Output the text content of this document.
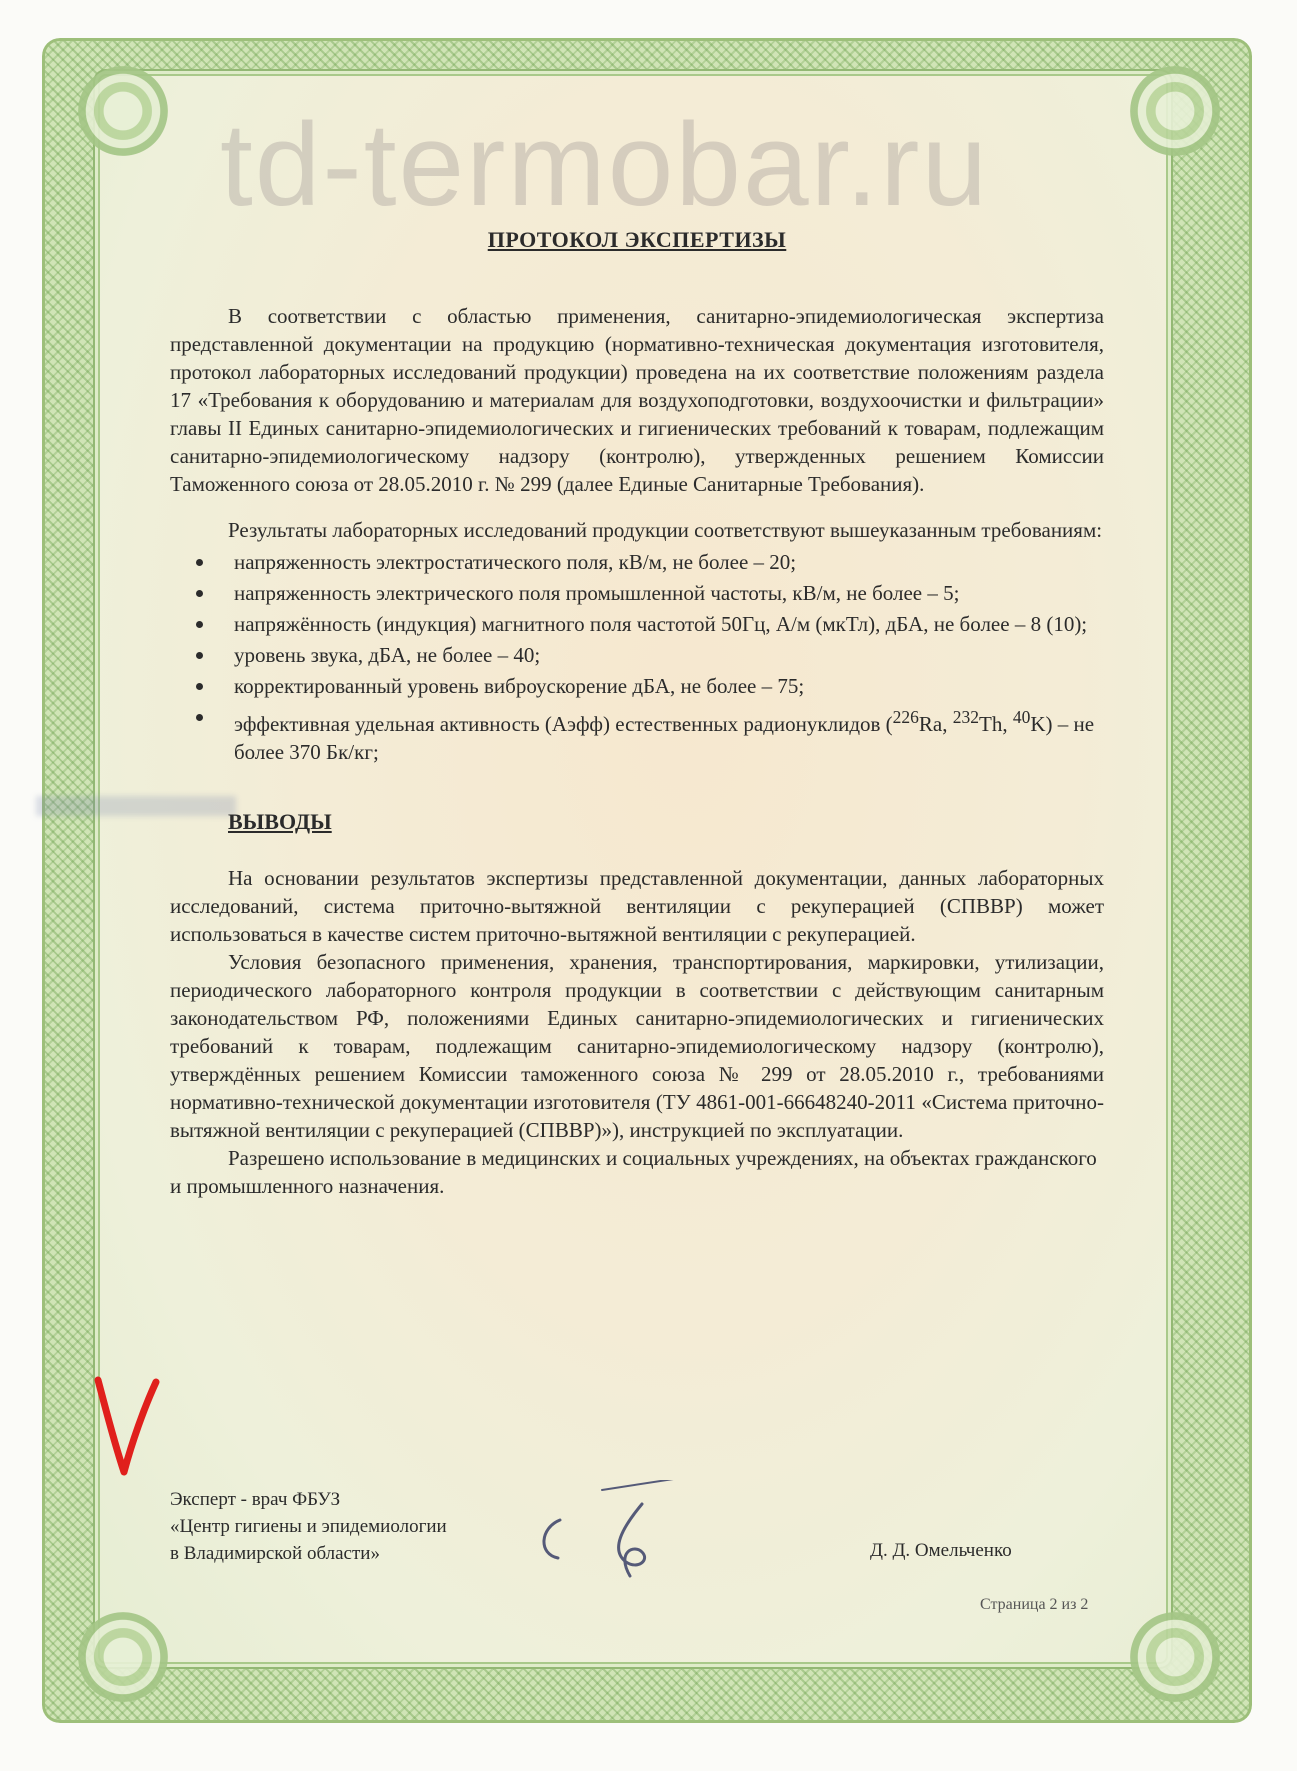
td-termobar.ru
ПРОТОКОЛ ЭКСПЕРТИЗЫ

В соответствии с областью применения, санитарно-эпидемиологическая экспертиза представленной документации на продукцию (нормативно-техническая документация изготовителя, протокол лабораторных исследований продукции) проведена на их соответствие положениям раздела 17 «Требования к оборудованию и материалам для воздухоподготовки, воздухоочистки и фильтрации» главы II Единых санитарно-эпидемиологических и гигиенических требований к товарам, подлежащим санитарно-эпидемиологическому надзору (контролю), утвержденных решением Комиссии Таможенного союза от 28.05.2010 г. № 299 (далее Единые Санитарные Требования).

Результаты лабораторных исследований продукции соответствуют вышеуказанным требованиям:

напряженность электростатического поля, кВ/м, не более – 20;
напряженность электрического поля промышленной частоты, кВ/м, не более – 5;
напряжённость (индукция) магнитного поля частотой 50Гц, А/м (мкТл), дБА, не более – 8 (10);
уровень звука, дБА, не более – 40;
корректированный уровень виброускорение дБА, не более – 75;
эффективная удельная активность (Аэфф) естественных радионуклидов ($^{226}$Ra, $^{232}$Th, $^{40}$K) – не более 370 Бк/кг;
ВЫВОДЫ

На основании результатов экспертизы представленной документации, данных лабораторных исследований, система приточно-вытяжной вентиляции с рекуперацией (СПВВР) может использоваться в качестве систем приточно-вытяжной вентиляции с рекуперацией.

Условия безопасного применения, хранения, транспортирования, маркировки, утилизации, периодического лабораторного контроля продукции в соответствии с действующим санитарным законодательством РФ, положениями Единых санитарно-эпидемиологических и гигиенических требований к товарам, подлежащим санитарно-эпидемиологическому надзору (контролю), утверждённых решением Комиссии таможенного союза № 299 от 28.05.2010 г., требованиями нормативно-технической документации изготовителя (ТУ 4861-001-66648240-2011 «Система приточно-вытяжной вентиляции с рекуперацией (СПВВР)»), инструкцией по эксплуатации.

Разрешено использование в медицинских и социальных учреждениях, на объектах гражданского и промышленного назначения.

Эксперт - врач ФБУЗ
«Центр гигиены и эпидемиологии
в Владимирской области»	Д. Д. Омельченко
Страница 2 из 2
